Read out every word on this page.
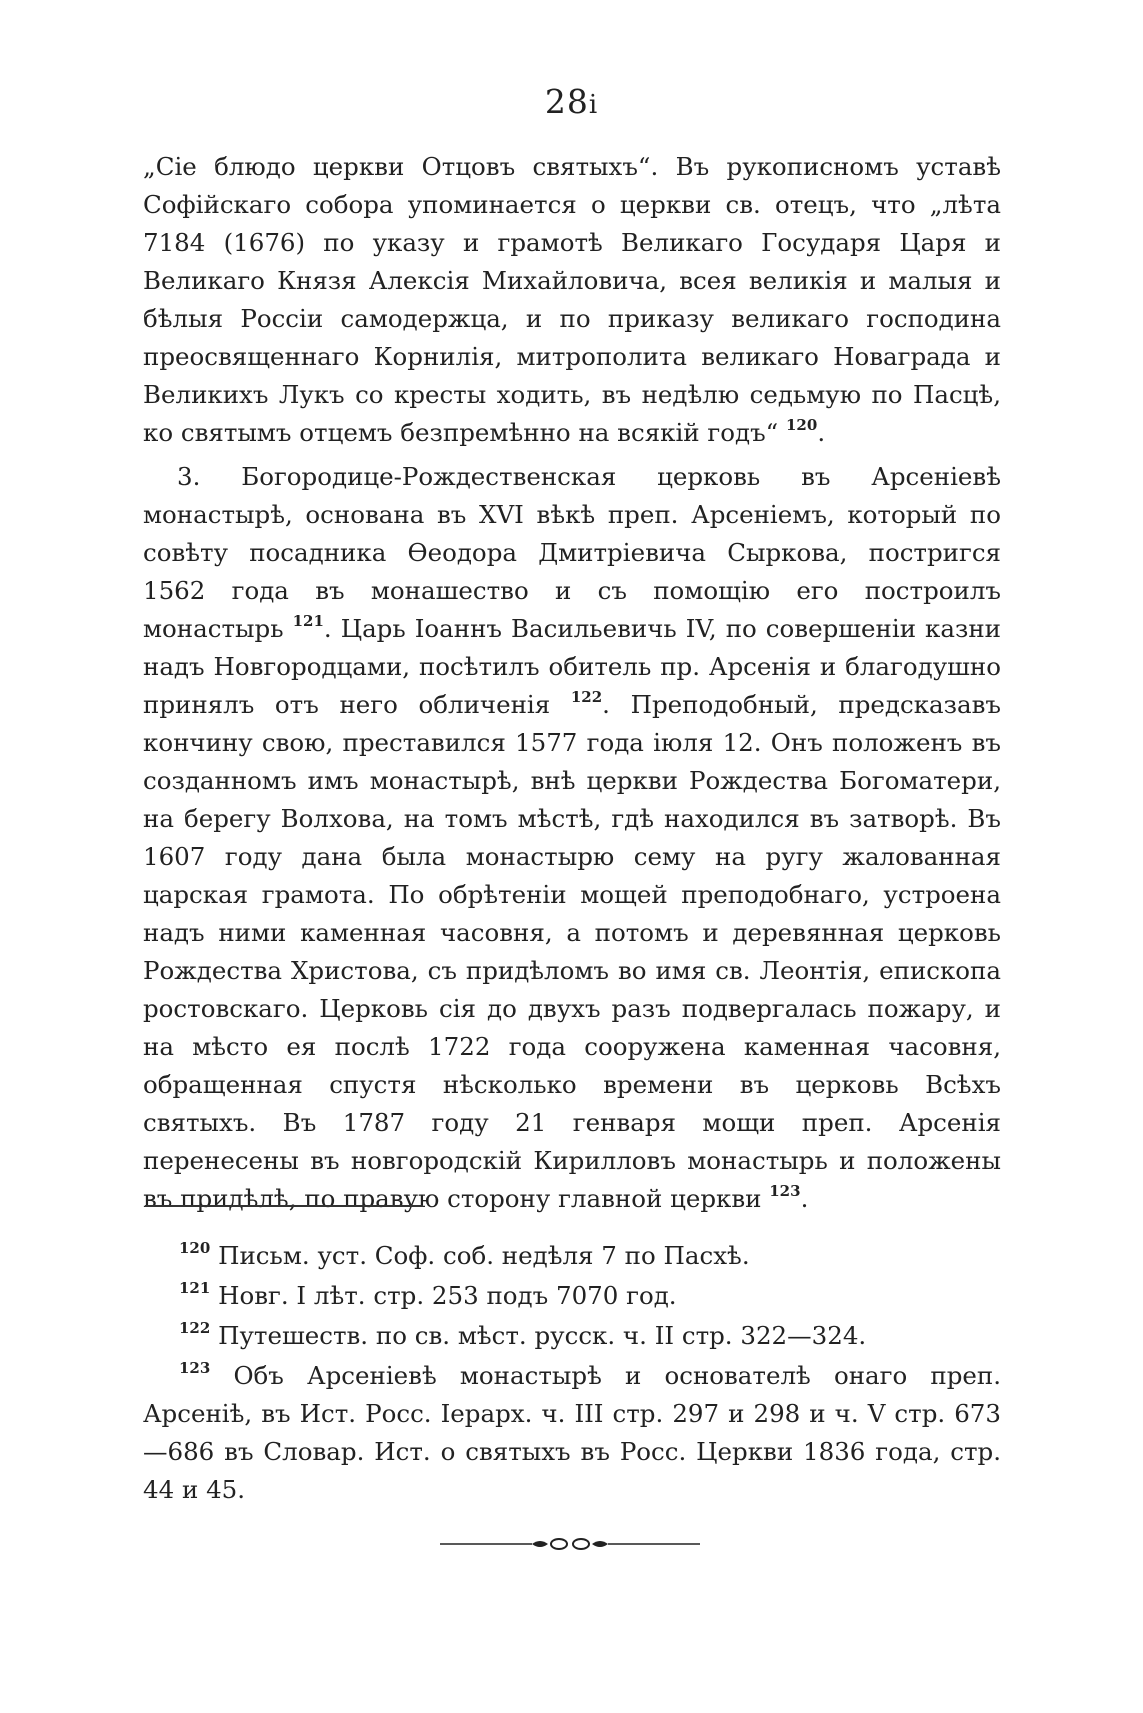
28ⅰ

„Сіе блюдо церкви Отцовъ святыхъ“. Въ рукописномъ уставѣ Софійскаго собора упоминается о церкви св. отецъ, что „лѣта 7184 (1676) по указу и грамотѣ Великаго Государя Царя и Великаго Князя Алексія Михайловича, всея великія и малыя и бѣлыя Россіи самодержца, и по приказу великаго господина преосвященнаго Корнилія, митрополита великаго Новаграда и Великихъ Лукъ со кресты ходить, въ недѣлю седьмую по Пасцѣ, ко святымъ отцемъ безпремѣнно на всякій годъ“ $^{120}$.

3. Богородице-Рождественская церковь въ Арсеніевѣ монастырѣ, основана въ XVI вѣкѣ преп. Арсеніемъ, который по совѣту посадника Ѳеодора Дмитріевича Сыркова, постригся 1562 года въ монашество и съ помощію его построилъ монастырь $^{121}$. Царь Іоаннъ Васильевичь IV, по совершеніи казни надъ Новгородцами, посѣтилъ обитель пр. Арсенія и благодушно принялъ отъ него обличенія $^{122}$. Преподобный, предсказавъ кончину свою, преставился 1577 года іюля 12. Онъ положенъ въ созданномъ имъ монастырѣ, внѣ церкви Рождества Богоматери, на берегу Волхова, на томъ мѣстѣ, гдѣ находился въ затворѣ. Въ 1607 году дана была монастырю сему на ругу жалованная царская грамота. По обрѣтеніи мощей преподобнаго, устроена надъ ними каменная часовня, а потомъ и деревянная церковь Рождества Христова, съ придѣломъ во имя св. Леонтія, епископа ростовскаго. Церковь сія до двухъ разъ подвергалась пожару, и на мѣсто ея послѣ 1722 года сооружена каменная часовня, обращенная спустя нѣсколько времени въ церковь Всѣхъ святыхъ. Въ 1787 году 21 генваря мощи преп. Арсенія перенесены въ новгородскій Кирилловъ монастырь и положены въ придѣлѣ, по правую сторону главной церкви $^{123}$.

$^{120}$ Письм. уст. Соф. соб. недѣля 7 по Пасхѣ.

$^{121}$ Новг. I лѣт. стр. 253 подъ 7070 год.

$^{122}$ Путешеств. по св. мѣст. русск. ч. II стр. 322—324.

$^{123}$ Объ Арсеніевѣ монастырѣ и основателѣ онаго преп. Арсеніѣ, въ Ист. Росс. Іерарх. ч. III стр. 297 и 298 и ч. V стр. 673—686 въ Словар. Ист. о святыхъ въ Росс. Церкви 1836 года, стр. 44 и 45.
